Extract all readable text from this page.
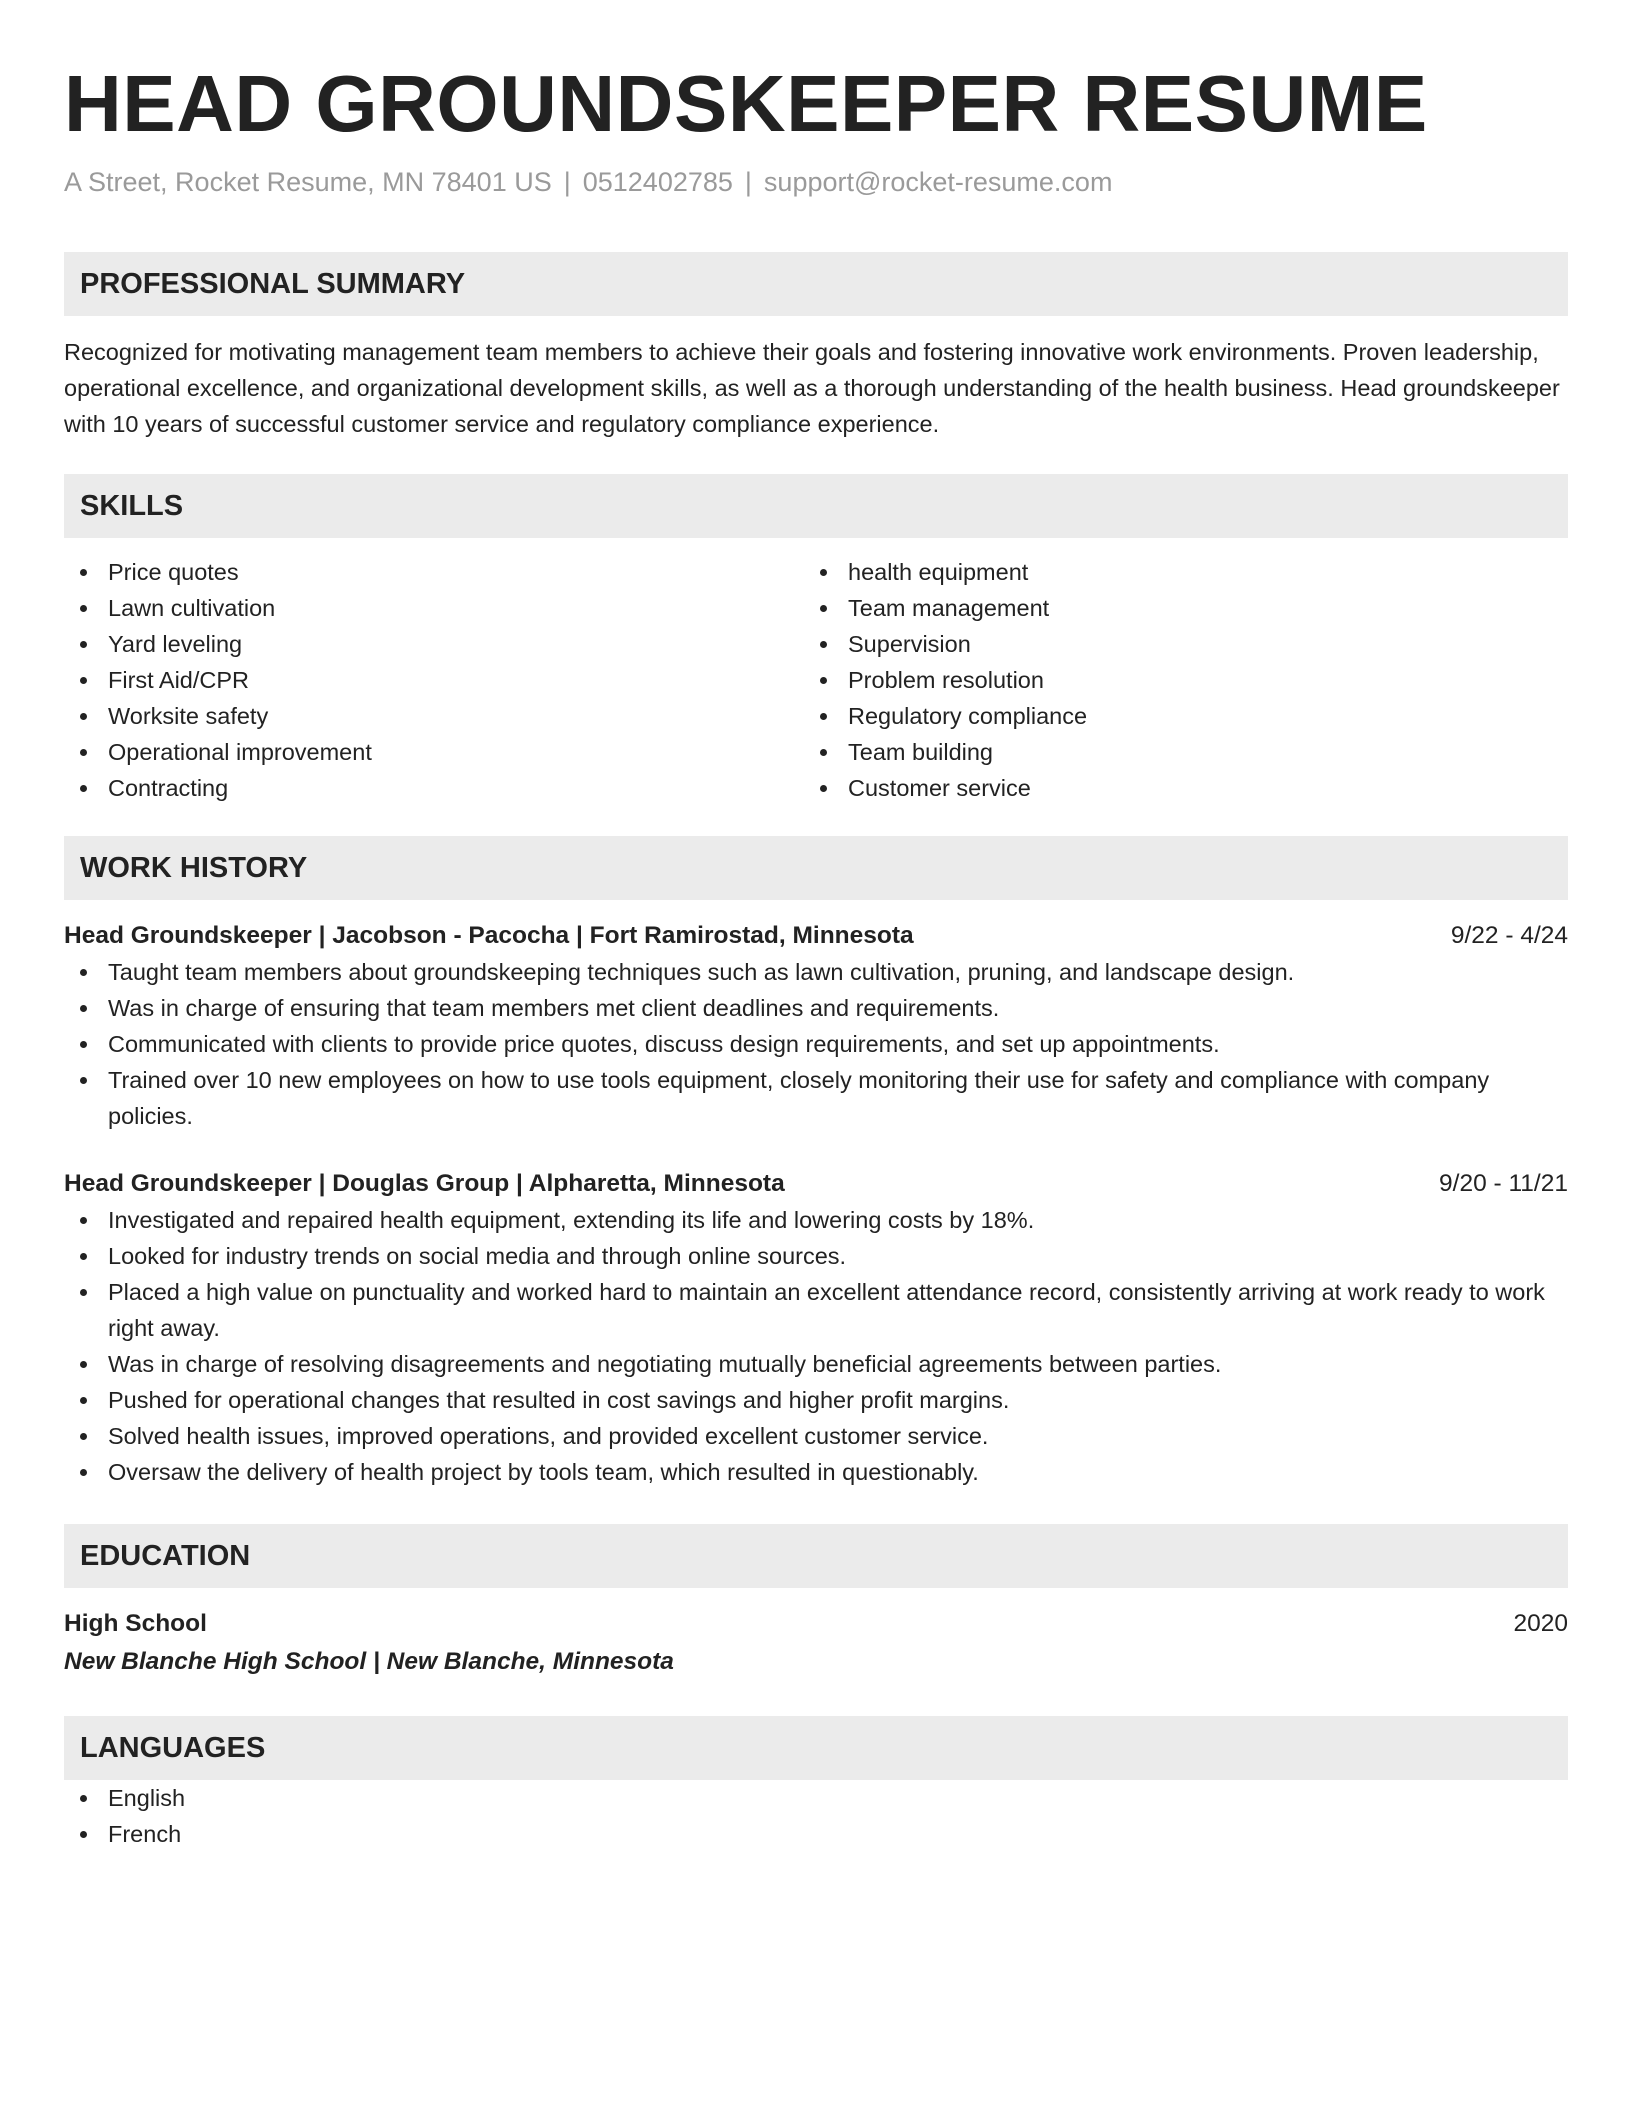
HEAD GROUNDSKEEPER RESUME
A Street, Rocket Resume, MN 78401 US | 0512402785 | support@rocket-resume.com
PROFESSIONAL SUMMARY
Recognized for motivating management team members to achieve their goals and fostering innovative work environments. Proven leadership, operational excellence, and organizational development skills, as well as a thorough understanding of the health business. Head groundskeeper with 10 years of successful customer service and regulatory compliance experience.
SKILLS
Price quotes
Lawn cultivation
Yard leveling
First Aid/CPR
Worksite safety
Operational improvement
Contracting
health equipment
Team management
Supervision
Problem resolution
Regulatory compliance
Team building
Customer service
WORK HISTORY
Head Groundskeeper | Jacobson - Pacocha | Fort Ramirostad, Minnesota	9/22 - 4/24
Taught team members about groundskeeping techniques such as lawn cultivation, pruning, and landscape design.
Was in charge of ensuring that team members met client deadlines and requirements.
Communicated with clients to provide price quotes, discuss design requirements, and set up appointments.
Trained over 10 new employees on how to use tools equipment, closely monitoring their use for safety and compliance with company policies.
Head Groundskeeper | Douglas Group | Alpharetta, Minnesota	9/20 - 11/21
Investigated and repaired health equipment, extending its life and lowering costs by 18%.
Looked for industry trends on social media and through online sources.
Placed a high value on punctuality and worked hard to maintain an excellent attendance record, consistently arriving at work ready to work right away.
Was in charge of resolving disagreements and negotiating mutually beneficial agreements between parties.
Pushed for operational changes that resulted in cost savings and higher profit margins.
Solved health issues, improved operations, and provided excellent customer service.
Oversaw the delivery of health project by tools team, which resulted in questionably.
EDUCATION
High School	2020
New Blanche High School | New Blanche, Minnesota
LANGUAGES
English
French
